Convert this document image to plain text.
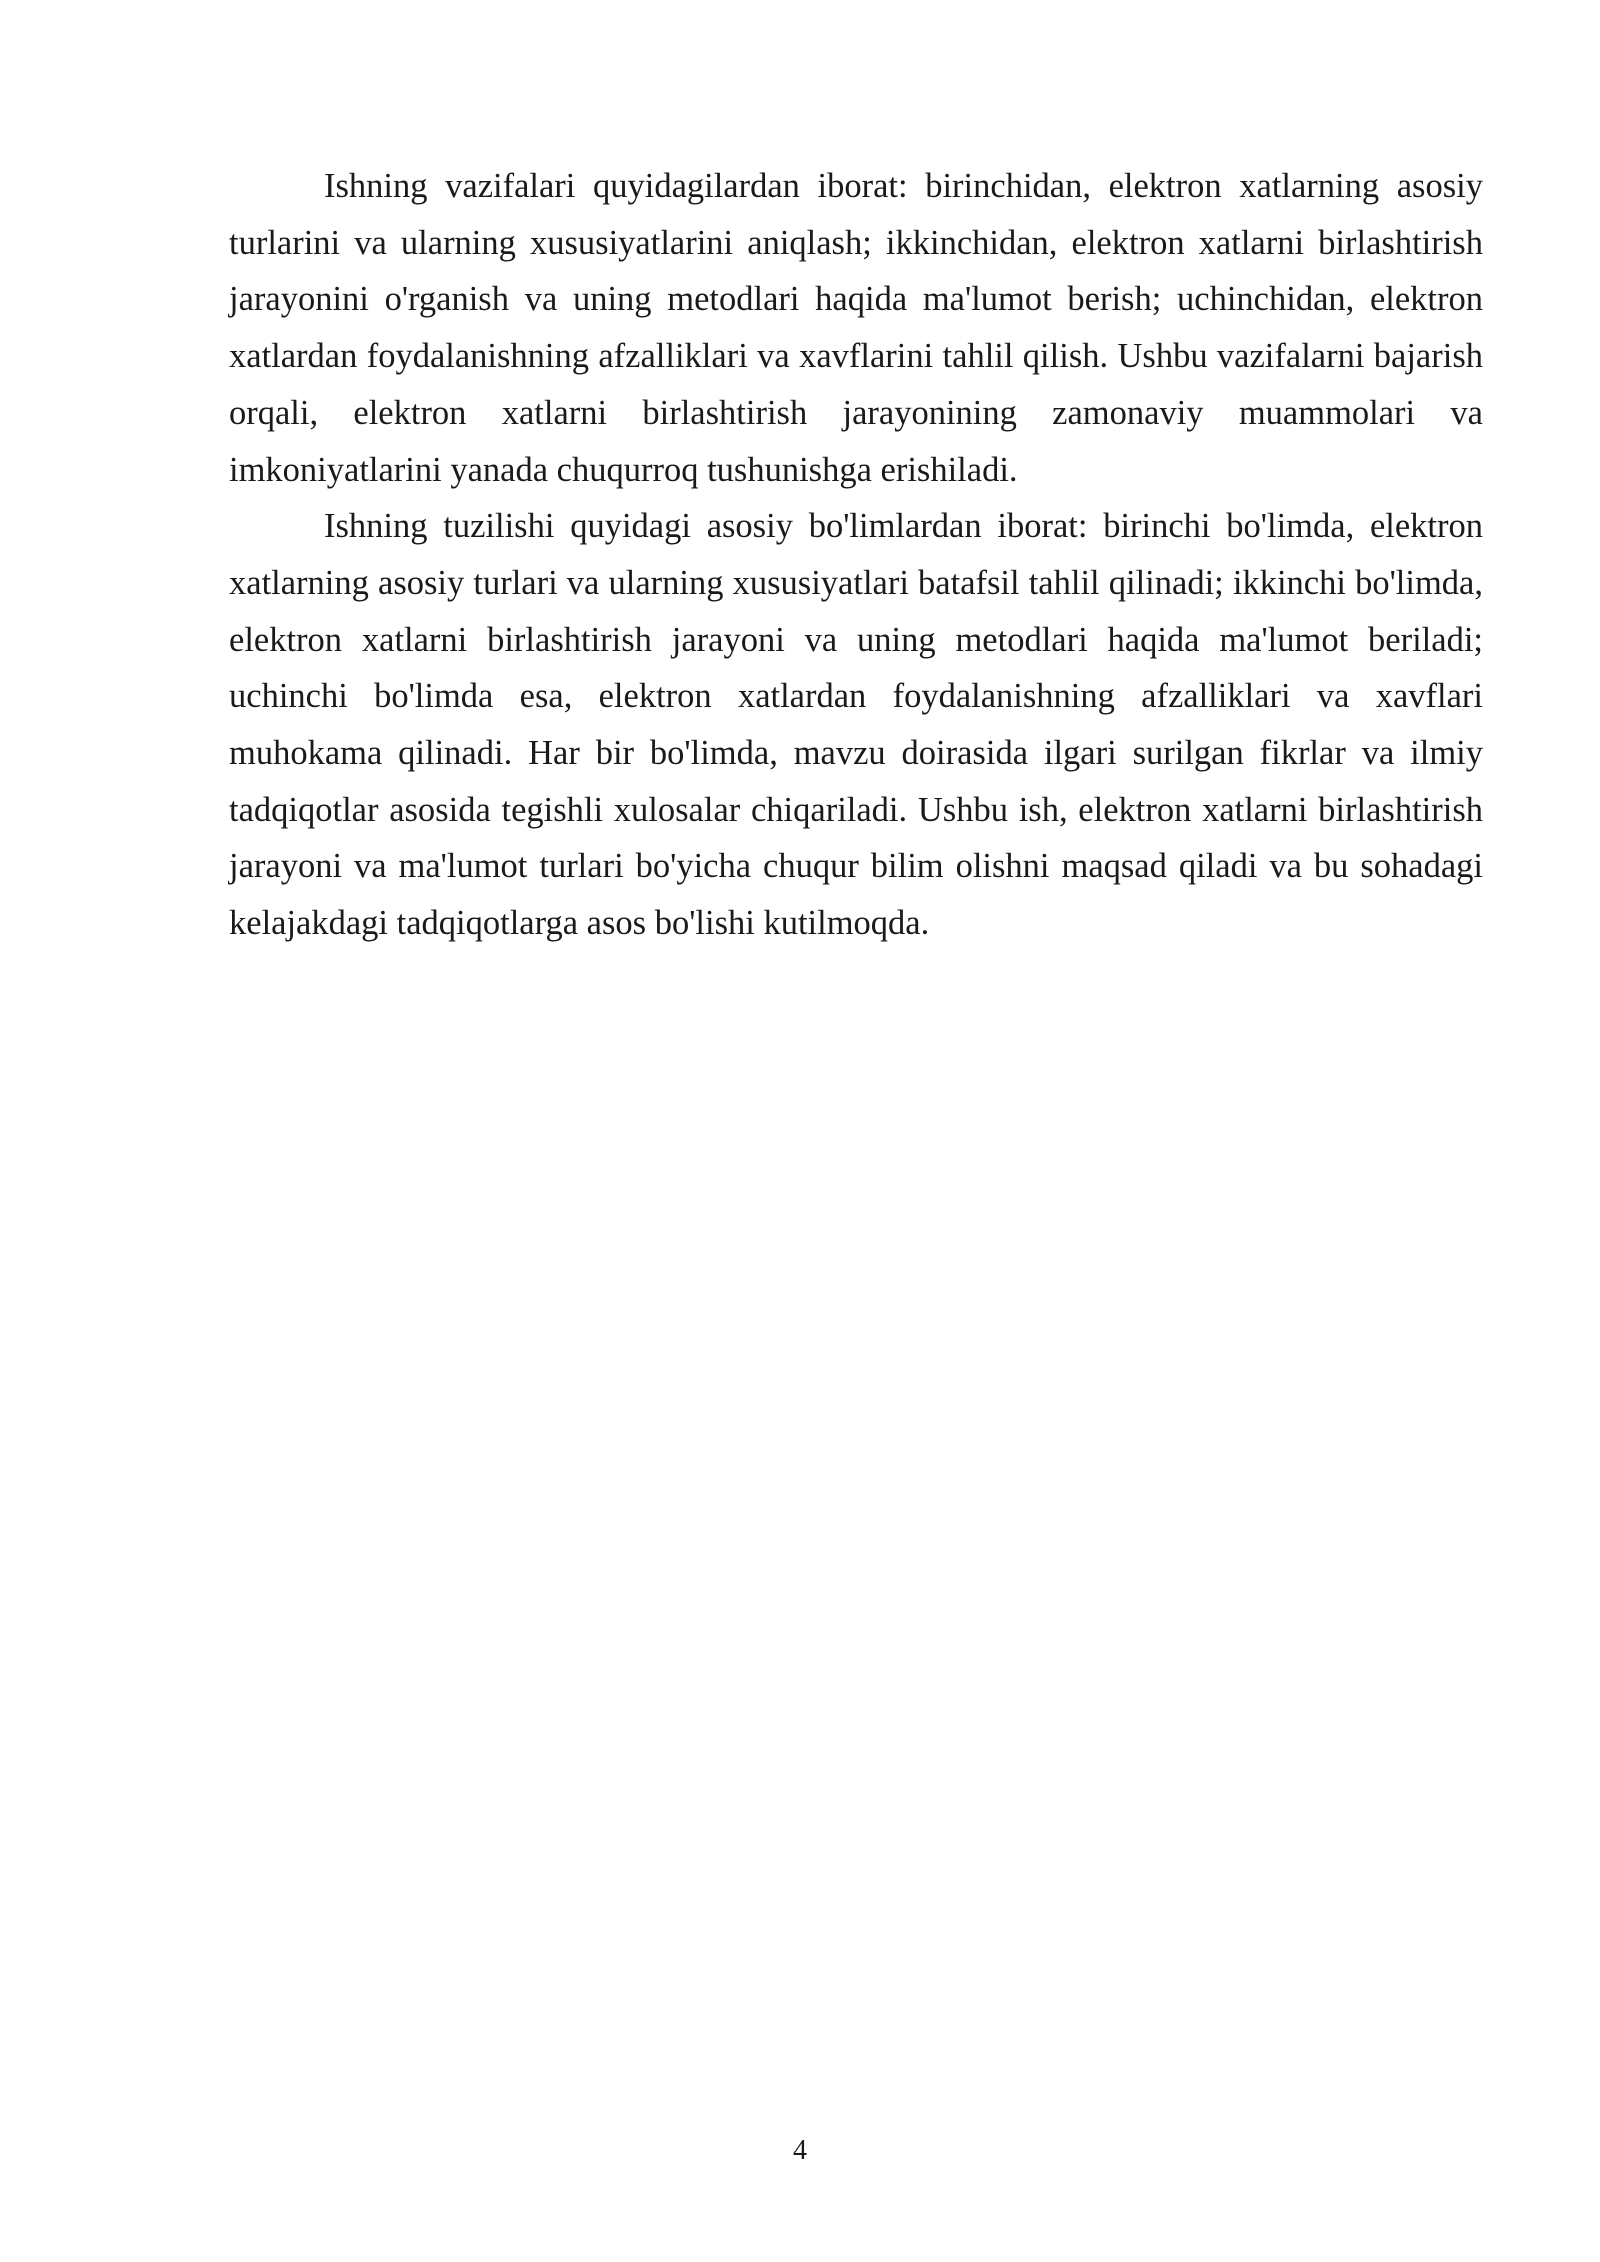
Ishning vazifalari quyidagilardan iborat: birinchidan, elektron xatlarning asosiy turlarini va ularning xususiyatlarini aniqlash; ikkinchidan, elektron xatlarni birlashtirish jarayonini o'rganish va uning metodlari haqida ma'lumot berish; uchinchidan, elektron xatlardan foydalanishning afzalliklari va xavflarini tahlil qilish. Ushbu vazifalarni bajarish orqali, elektron xatlarni birlashtirish jarayonining zamonaviy muammolari va imkoniyatlarini yanada chuqurroq tushunishga erishiladi.

Ishning tuzilishi quyidagi asosiy bo'limlardan iborat: birinchi bo'limda, elektron xatlarning asosiy turlari va ularning xususiyatlari batafsil tahlil qilinadi; ikkinchi bo'limda, elektron xatlarni birlashtirish jarayoni va uning metodlari haqida ma'lumot beriladi; uchinchi bo'limda esa, elektron xatlardan foydalanishning afzalliklari va xavflari muhokama qilinadi. Har bir bo'limda, mavzu doirasida ilgari surilgan fikrlar va ilmiy tadqiqotlar asosida tegishli xulosalar chiqariladi. Ushbu ish, elektron xatlarni birlashtirish jarayoni va ma'lumot turlari bo'yicha chuqur bilim olishni maqsad qiladi va bu sohadagi kelajakdagi tadqiqotlarga asos bo'lishi kutilmoqda.

4
